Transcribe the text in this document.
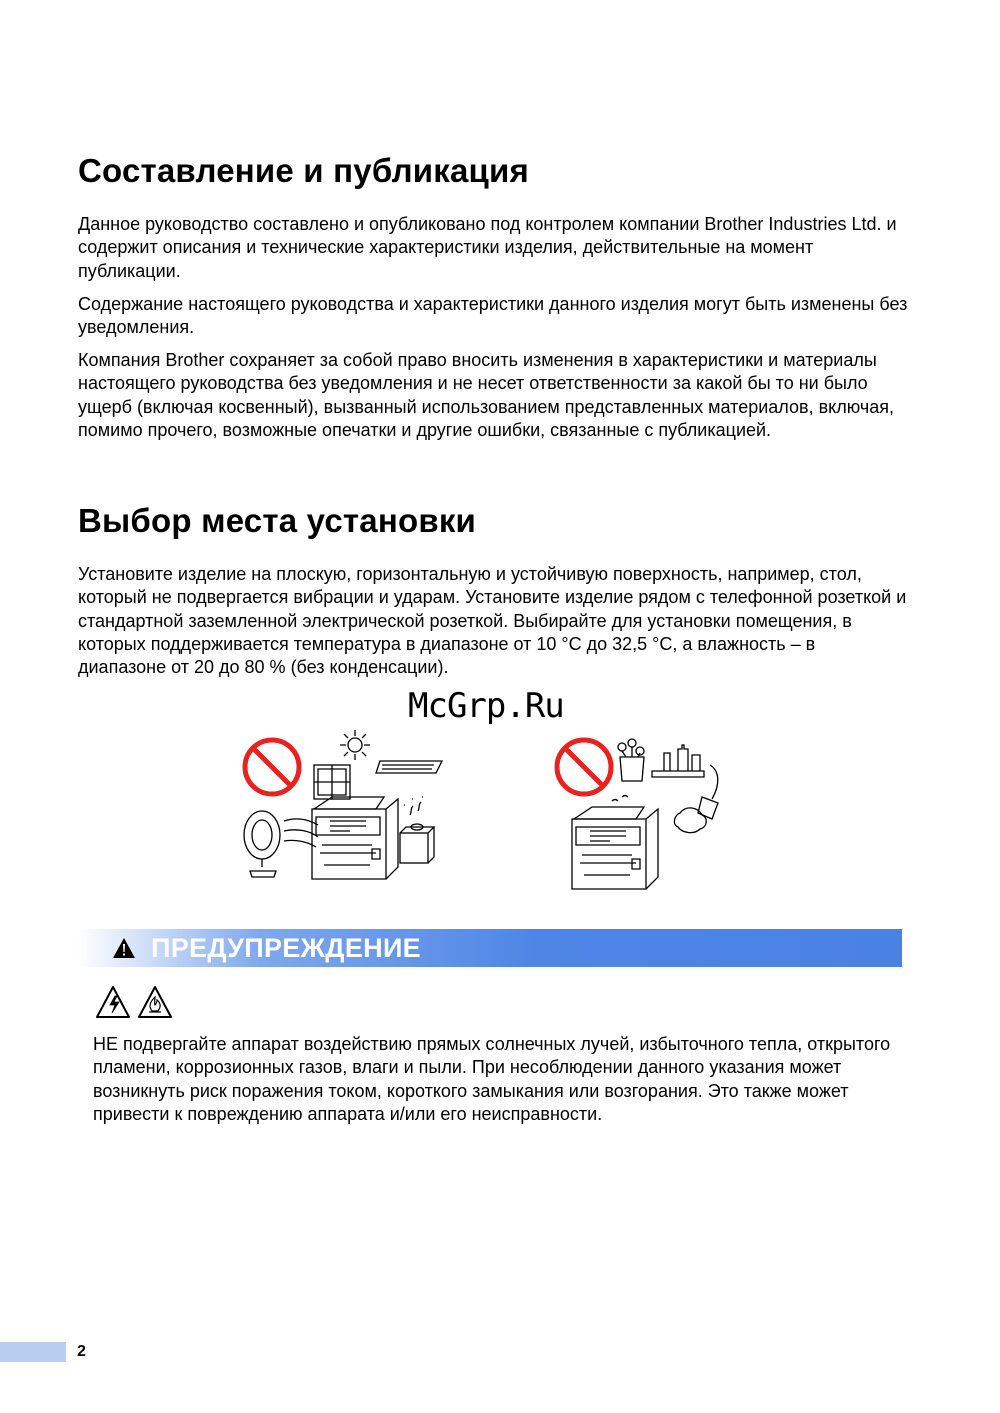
Составление и публикация

Данное руководство составлено и опубликовано под контролем компании Brother Industries Ltd. и содержит описания и технические характеристики изделия, действительные на момент публикации.

Содержание настоящего руководства и характеристики данного изделия могут быть изменены без уведомления.

Компания Brother сохраняет за собой право вносить изменения в характеристики и материалы настоящего руководства без уведомления и не несет ответственности за какой бы то ни было ущерб (включая косвенный), вызванный использованием представленных материалов, включая, помимо прочего, возможные опечатки и другие ошибки, связанные с публикацией.

Выбор места установки

Установите изделие на плоскую, горизонтальную и устойчивую поверхность, например, стол, который не подвергается вибрации и ударам. Установите изделие рядом с телефонной розеткой и стандартной заземленной электрической розеткой. Выбирайте для установки помещения, в которых поддерживается температура в диапазоне от 10 °C до 32,5 °C, а влажность – в диапазоне от 20 до 80 % (без конденсации).

McGrp.Ru
ПРЕДУПРЕЖДЕНИЕ

НЕ подвергайте аппарат воздействию прямых солнечных лучей, избыточного тепла, открытого пламени, коррозионных газов, влаги и пыли. При несоблюдении данного указания может возникнуть риск поражения током, короткого замыкания или возгорания. Это также может привести к повреждению аппарата и/или его неисправности.

2
